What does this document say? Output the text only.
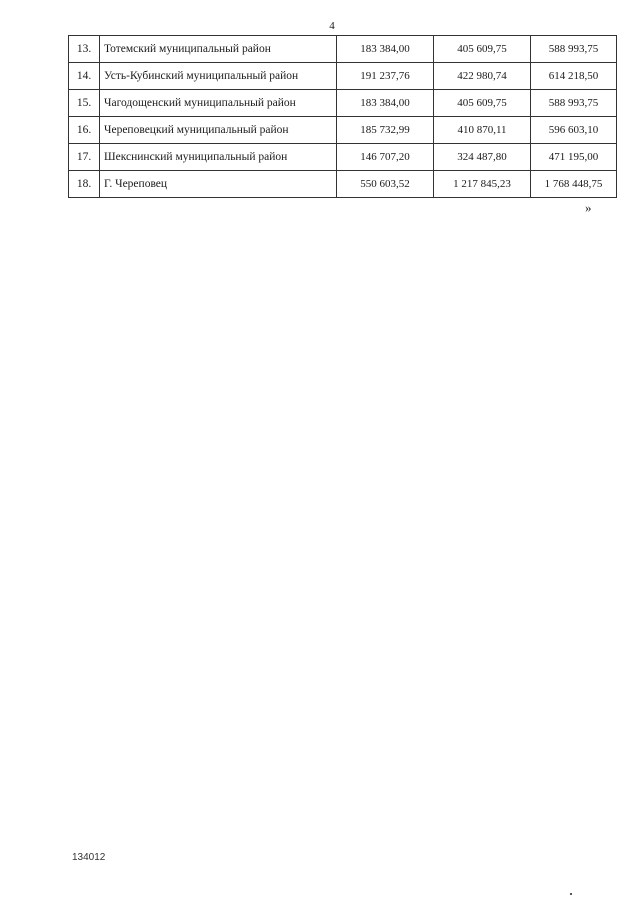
4
13.	Тотемский муниципальный район	183 384,00	405 609,75	588 993,75
14.	Усть-Кубинский муниципальный район	191 237,76	422 980,74	614 218,50
15.	Чагодощенский муниципальный район	183 384,00	405 609,75	588 993,75
16.	Череповецкий муниципальный район	185 732,99	410 870,11	596 603,10
17.	Шекснинский муниципальный район	146 707,20	324 487,80	471 195,00
18.	Г. Череповец	550 603,52	1 217 845,23	1 768 448,75
»
134012
